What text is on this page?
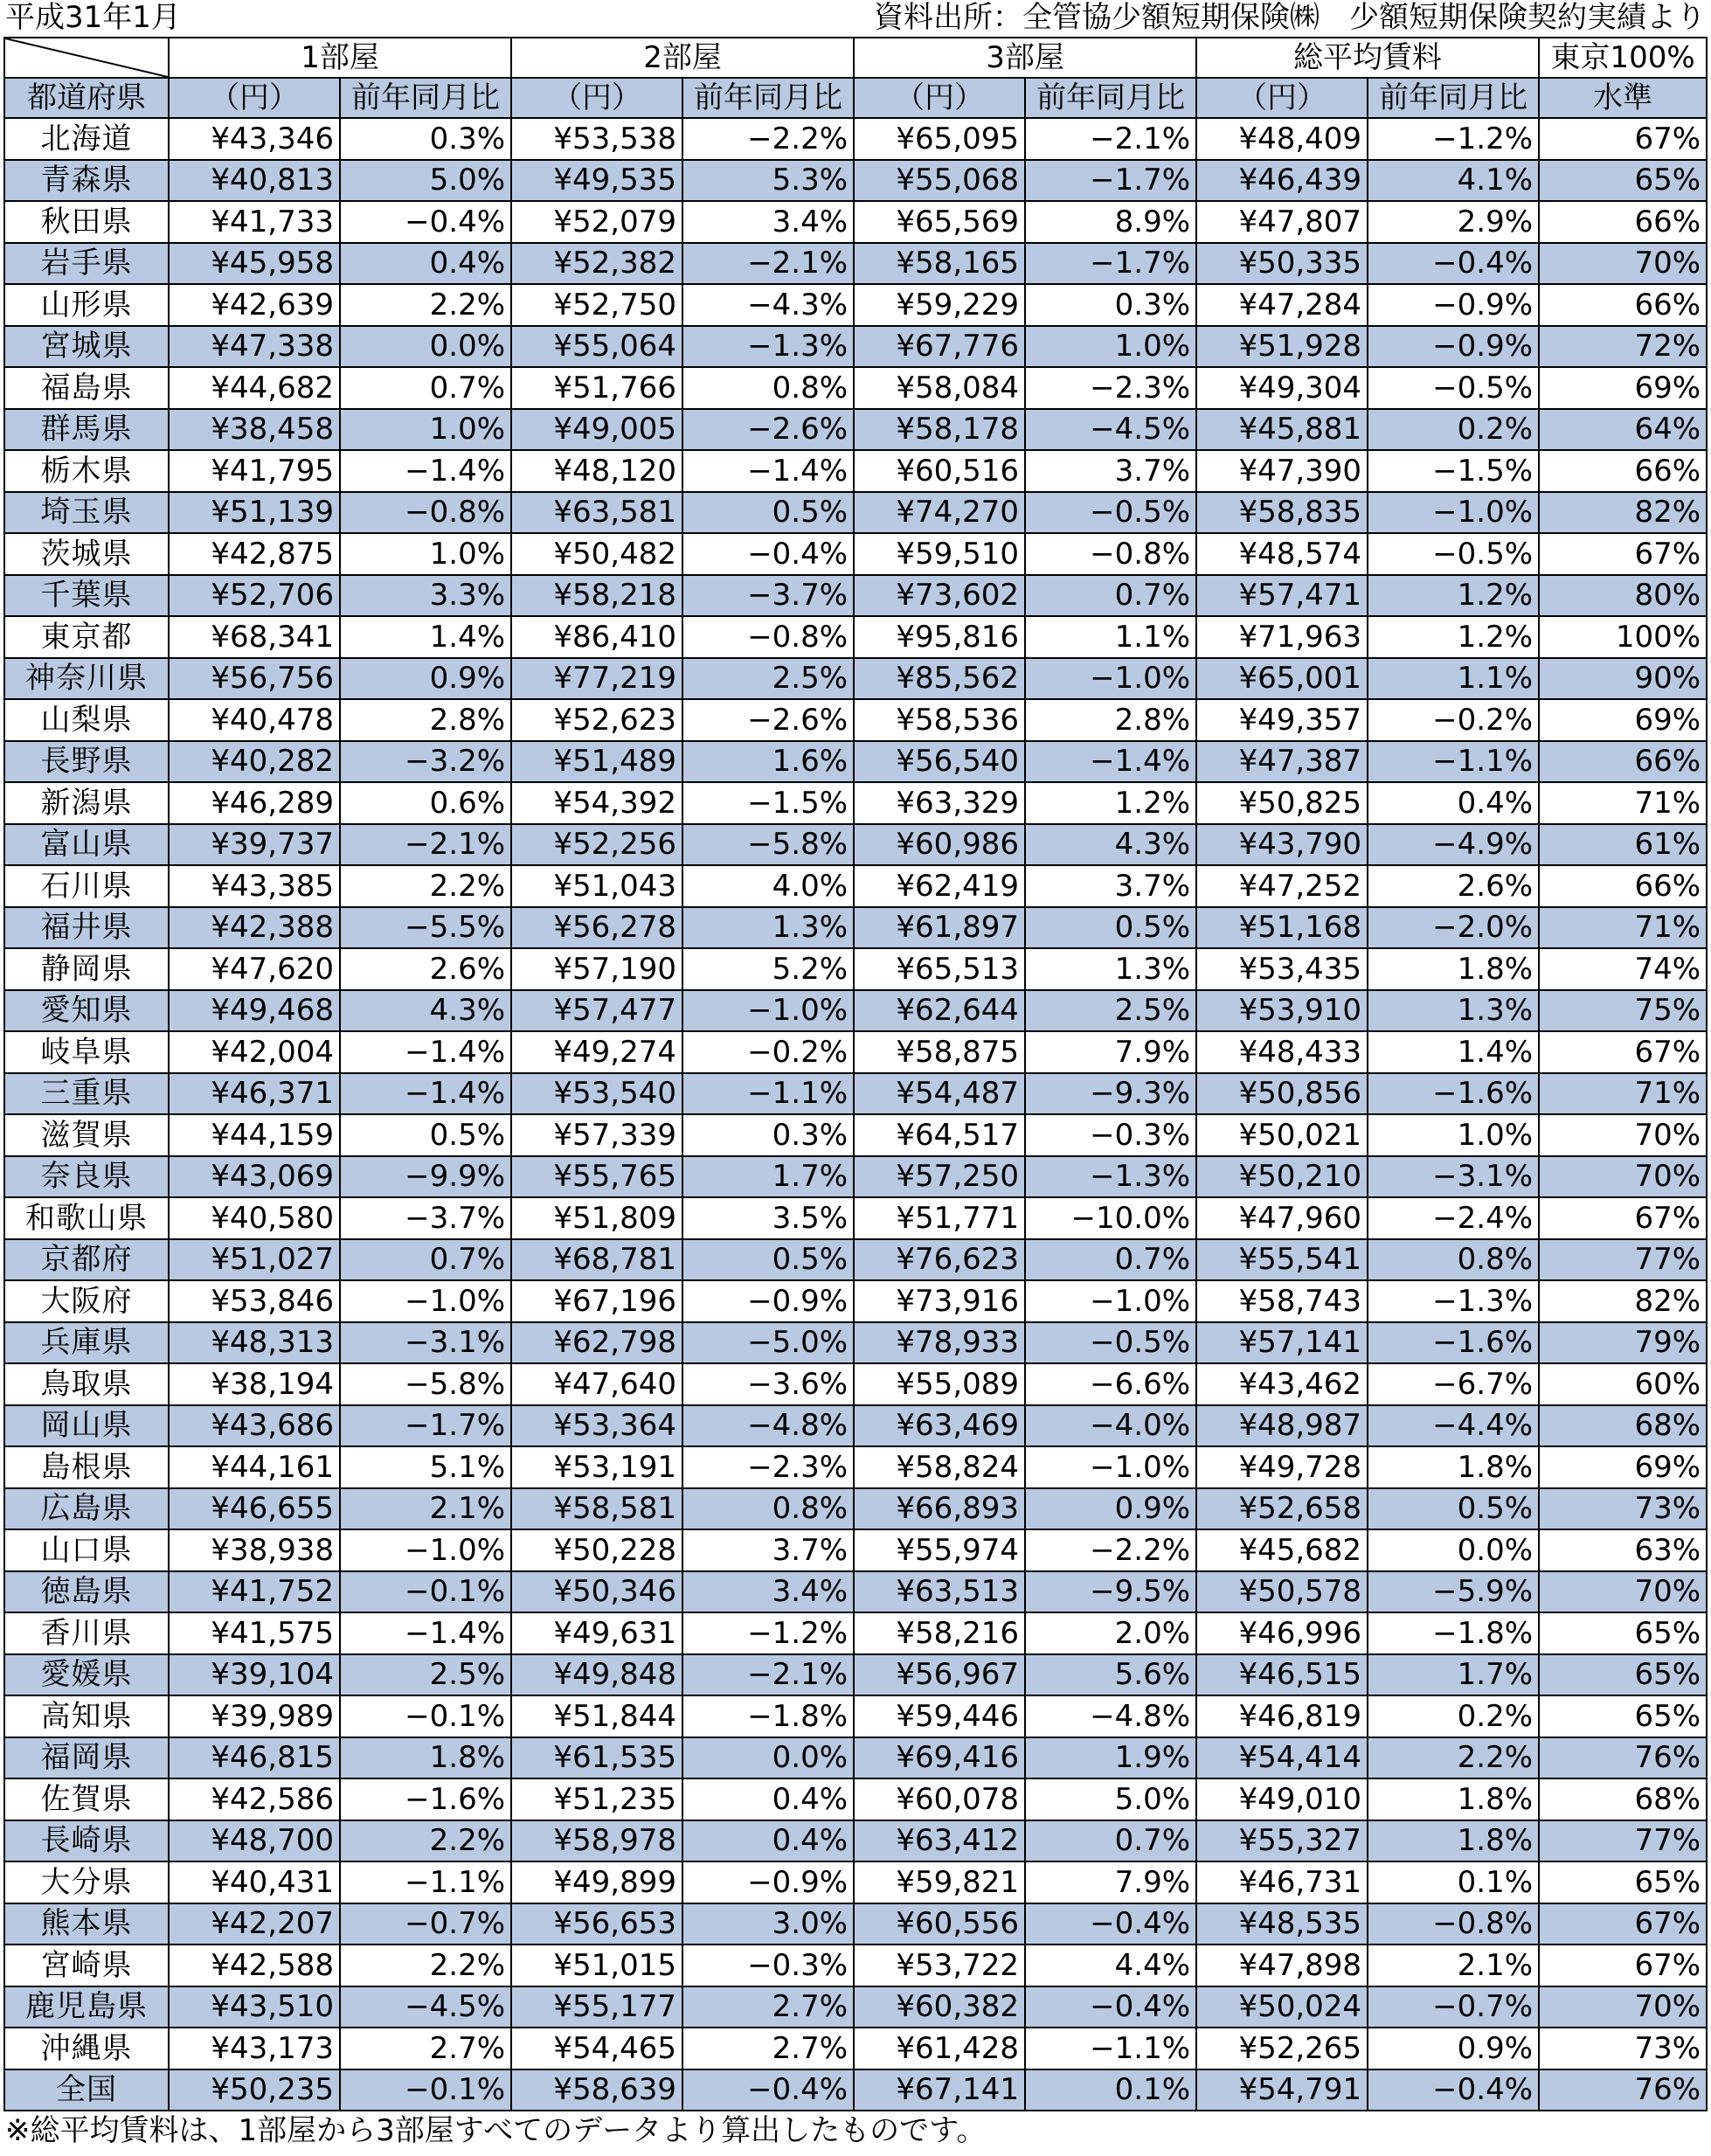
平成31年1月	資料出所：全管協少額短期保険㈱　少額短期保険契約実績より
	1部屋		2部屋		3部屋		総平均賃料		東京100%
都道府県	（円）	前年同月比	（円）	前年同月比	（円）	前年同月比	（円）	前年同月比	水準
北海道	¥43,346	0.3%	¥53,538	−2.2%	¥65,095	−2.1%	¥48,409	−1.2%	67%
青森県	¥40,813	5.0%	¥49,535	5.3%	¥55,068	−1.7%	¥46,439	4.1%	65%
秋田県	¥41,733	−0.4%	¥52,079	3.4%	¥65,569	8.9%	¥47,807	2.9%	66%
岩手県	¥45,958	0.4%	¥52,382	−2.1%	¥58,165	−1.7%	¥50,335	−0.4%	70%
山形県	¥42,639	2.2%	¥52,750	−4.3%	¥59,229	0.3%	¥47,284	−0.9%	66%
宮城県	¥47,338	0.0%	¥55,064	−1.3%	¥67,776	1.0%	¥51,928	−0.9%	72%
福島県	¥44,682	0.7%	¥51,766	0.8%	¥58,084	−2.3%	¥49,304	−0.5%	69%
群馬県	¥38,458	1.0%	¥49,005	−2.6%	¥58,178	−4.5%	¥45,881	0.2%	64%
栃木県	¥41,795	−1.4%	¥48,120	−1.4%	¥60,516	3.7%	¥47,390	−1.5%	66%
埼玉県	¥51,139	−0.8%	¥63,581	0.5%	¥74,270	−0.5%	¥58,835	−1.0%	82%
茨城県	¥42,875	1.0%	¥50,482	−0.4%	¥59,510	−0.8%	¥48,574	−0.5%	67%
千葉県	¥52,706	3.3%	¥58,218	−3.7%	¥73,602	0.7%	¥57,471	1.2%	80%
東京都	¥68,341	1.4%	¥86,410	−0.8%	¥95,816	1.1%	¥71,963	1.2%	100%
神奈川県	¥56,756	0.9%	¥77,219	2.5%	¥85,562	−1.0%	¥65,001	1.1%	90%
山梨県	¥40,478	2.8%	¥52,623	−2.6%	¥58,536	2.8%	¥49,357	−0.2%	69%
長野県	¥40,282	−3.2%	¥51,489	1.6%	¥56,540	−1.4%	¥47,387	−1.1%	66%
新潟県	¥46,289	0.6%	¥54,392	−1.5%	¥63,329	1.2%	¥50,825	0.4%	71%
富山県	¥39,737	−2.1%	¥52,256	−5.8%	¥60,986	4.3%	¥43,790	−4.9%	61%
石川県	¥43,385	2.2%	¥51,043	4.0%	¥62,419	3.7%	¥47,252	2.6%	66%
福井県	¥42,388	−5.5%	¥56,278	1.3%	¥61,897	0.5%	¥51,168	−2.0%	71%
静岡県	¥47,620	2.6%	¥57,190	5.2%	¥65,513	1.3%	¥53,435	1.8%	74%
愛知県	¥49,468	4.3%	¥57,477	−1.0%	¥62,644	2.5%	¥53,910	1.3%	75%
岐阜県	¥42,004	−1.4%	¥49,274	−0.2%	¥58,875	7.9%	¥48,433	1.4%	67%
三重県	¥46,371	−1.4%	¥53,540	−1.1%	¥54,487	−9.3%	¥50,856	−1.6%	71%
滋賀県	¥44,159	0.5%	¥57,339	0.3%	¥64,517	−0.3%	¥50,021	1.0%	70%
奈良県	¥43,069	−9.9%	¥55,765	1.7%	¥57,250	−1.3%	¥50,210	−3.1%	70%
和歌山県	¥40,580	−3.7%	¥51,809	3.5%	¥51,771	−10.0%	¥47,960	−2.4%	67%
京都府	¥51,027	0.7%	¥68,781	0.5%	¥76,623	0.7%	¥55,541	0.8%	77%
大阪府	¥53,846	−1.0%	¥67,196	−0.9%	¥73,916	−1.0%	¥58,743	−1.3%	82%
兵庫県	¥48,313	−3.1%	¥62,798	−5.0%	¥78,933	−0.5%	¥57,141	−1.6%	79%
鳥取県	¥38,194	−5.8%	¥47,640	−3.6%	¥55,089	−6.6%	¥43,462	−6.7%	60%
岡山県	¥43,686	−1.7%	¥53,364	−4.8%	¥63,469	−4.0%	¥48,987	−4.4%	68%
島根県	¥44,161	5.1%	¥53,191	−2.3%	¥58,824	−1.0%	¥49,728	1.8%	69%
広島県	¥46,655	2.1%	¥58,581	0.8%	¥66,893	0.9%	¥52,658	0.5%	73%
山口県	¥38,938	−1.0%	¥50,228	3.7%	¥55,974	−2.2%	¥45,682	0.0%	63%
徳島県	¥41,752	−0.1%	¥50,346	3.4%	¥63,513	−9.5%	¥50,578	−5.9%	70%
香川県	¥41,575	−1.4%	¥49,631	−1.2%	¥58,216	2.0%	¥46,996	−1.8%	65%
愛媛県	¥39,104	2.5%	¥49,848	−2.1%	¥56,967	5.6%	¥46,515	1.7%	65%
高知県	¥39,989	−0.1%	¥51,844	−1.8%	¥59,446	−4.8%	¥46,819	0.2%	65%
福岡県	¥46,815	1.8%	¥61,535	0.0%	¥69,416	1.9%	¥54,414	2.2%	76%
佐賀県	¥42,586	−1.6%	¥51,235	0.4%	¥60,078	5.0%	¥49,010	1.8%	68%
長崎県	¥48,700	2.2%	¥58,978	0.4%	¥63,412	0.7%	¥55,327	1.8%	77%
大分県	¥40,431	−1.1%	¥49,899	−0.9%	¥59,821	7.9%	¥46,731	0.1%	65%
熊本県	¥42,207	−0.7%	¥56,653	3.0%	¥60,556	−0.4%	¥48,535	−0.8%	67%
宮崎県	¥42,588	2.2%	¥51,015	−0.3%	¥53,722	4.4%	¥47,898	2.1%	67%
鹿児島県	¥43,510	−4.5%	¥55,177	2.7%	¥60,382	−0.4%	¥50,024	−0.7%	70%
沖縄県	¥43,173	2.7%	¥54,465	2.7%	¥61,428	−1.1%	¥52,265	0.9%	73%
全国	¥50,235	−0.1%	¥58,639	−0.4%	¥67,141	0.1%	¥54,791	−0.4%	76%
※総平均賃料は、1部屋から3部屋すべてのデータより算出したものです。
